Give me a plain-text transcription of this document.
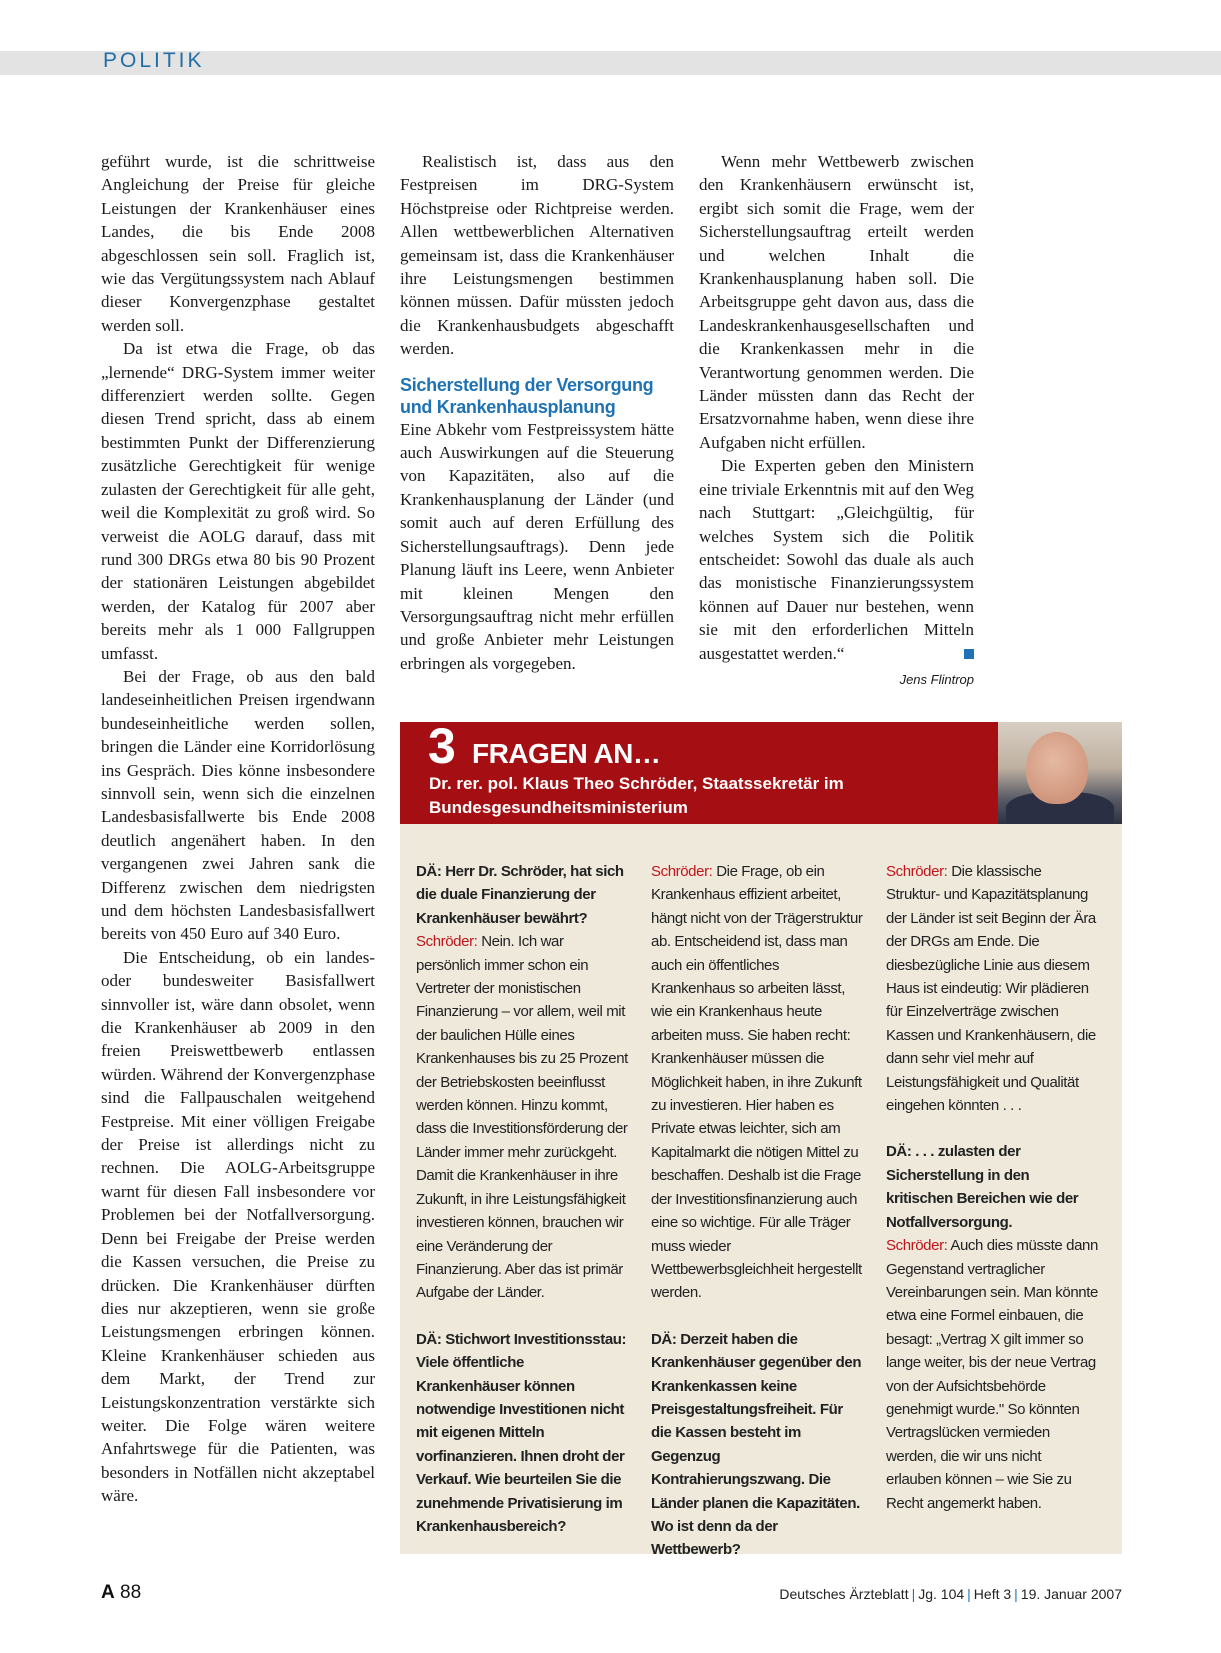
POLITIK

geführt wurde, ist die schrittweise Angleichung der Preise für gleiche Leistungen der Krankenhäuser eines Landes, die bis Ende 2008 abgeschlossen sein soll. Fraglich ist, wie das Vergütungssystem nach Ablauf dieser Konvergenzphase gestaltet werden soll.

Da ist etwa die Frage, ob das „lernende“ DRG-System immer weiter differenziert werden sollte. Gegen diesen Trend spricht, dass ab einem bestimmten Punkt der Differenzierung zusätzliche Gerechtigkeit für wenige zulasten der Gerechtigkeit für alle geht, weil die Komplexität zu groß wird. So verweist die AOLG darauf, dass mit rund 300 DRGs etwa 80 bis 90 Prozent der stationären Leistungen abgebildet werden, der Katalog für 2007 aber bereits mehr als 1 000 Fallgruppen umfasst.

Bei der Frage, ob aus den bald landeseinheitlichen Preisen irgendwann bundeseinheitliche werden sollen, bringen die Länder eine Korridorlösung ins Gespräch. Dies könne insbesondere sinnvoll sein, wenn sich die einzelnen Landesbasisfallwerte bis Ende 2008 deutlich angenähert haben. In den vergangenen zwei Jahren sank die Differenz zwischen dem niedrigsten und dem höchsten Landesbasisfallwert bereits von 450 Euro auf 340 Euro.

Die Entscheidung, ob ein landes- oder bundesweiter Basisfallwert sinnvoller ist, wäre dann obsolet, wenn die Krankenhäuser ab 2009 in den freien Preiswettbewerb entlassen würden. Während der Konvergenzphase sind die Fallpauschalen weitgehend Festpreise. Mit einer völligen Freigabe der Preise ist allerdings nicht zu rechnen. Die AOLG-Arbeitsgruppe warnt für diesen Fall insbesondere vor Problemen bei der Notfallversorgung. Denn bei Freigabe der Preise werden die Kassen versuchen, die Preise zu drücken. Die Krankenhäuser dürften dies nur akzeptieren, wenn sie große Leistungsmengen erbringen können. Kleine Krankenhäuser schieden aus dem Markt, der Trend zur Leistungskonzentration verstärkte sich weiter. Die Folge wären weitere Anfahrtswege für die Patienten, was besonders in Notfällen nicht akzeptabel wäre.

Realistisch ist, dass aus den Festpreisen im DRG-System Höchstpreise oder Richtpreise werden. Allen wettbewerblichen Alternativen gemeinsam ist, dass die Krankenhäuser ihre Leistungsmengen bestimmen können müssen. Dafür müssten jedoch die Krankenhausbudgets abgeschafft werden.

Sicherstellung der Versorgung und Krankenhausplanung

Eine Abkehr vom Festpreissystem hätte auch Auswirkungen auf die Steuerung von Kapazitäten, also auf die Krankenhausplanung der Länder (und somit auch auf deren Erfüllung des Sicherstellungsauftrags). Denn jede Planung läuft ins Leere, wenn Anbieter mit kleinen Mengen den Versorgungsauftrag nicht mehr erfüllen und große Anbieter mehr Leistungen erbringen als vorgegeben.

Wenn mehr Wettbewerb zwischen den Krankenhäusern erwünscht ist, ergibt sich somit die Frage, wem der Sicherstellungsauftrag erteilt werden und welchen Inhalt die Krankenhausplanung haben soll. Die Arbeitsgruppe geht davon aus, dass die Landeskrankenhausgesellschaften und die Krankenkassen mehr in die Verantwortung genommen werden. Die Länder müssten dann das Recht der Ersatzvornahme haben, wenn diese ihre Aufgaben nicht erfüllen.

Die Experten geben den Ministern eine triviale Erkenntnis mit auf den Weg nach Stuttgart: „Gleichgültig, für welches System sich die Politik entscheidet: Sowohl das duale als auch das monistische Finanzierungssystem können auf Dauer nur bestehen, wenn sie mit den erforderlichen Mitteln ausgestattet werden.“

Jens Flintrop
3 FRAGEN AN…
Dr. rer. pol. Klaus Theo Schröder, Staatssekretär im Bundesgesundheitsministerium

DÄ: Herr Dr. Schröder, hat sich die duale Finanzierung der Krankenhäuser bewährt?

Schröder: Nein. Ich war persönlich immer schon ein Vertreter der monistischen Finanzierung – vor allem, weil mit der baulichen Hülle eines Krankenhauses bis zu 25 Prozent der Betriebskosten beeinflusst werden können. Hinzu kommt, dass die Investitionsförderung der Länder immer mehr zurückgeht. Damit die Krankenhäuser in ihre Zukunft, in ihre Leistungsfähigkeit investieren können, brauchen wir eine Veränderung der Finanzierung. Aber das ist primär Aufgabe der Länder.

DÄ: Stichwort Investitionsstau: Viele öffentliche Krankenhäuser können notwendige Investitionen nicht mit eigenen Mitteln vorfinanzieren. Ihnen droht der Verkauf. Wie beurteilen Sie die zunehmende Privatisierung im Krankenhausbereich?

Schröder: Die Frage, ob ein Krankenhaus effizient arbeitet, hängt nicht von der Trägerstruktur ab. Entscheidend ist, dass man auch ein öffentliches Krankenhaus so arbeiten lässt, wie ein Krankenhaus heute arbeiten muss. Sie haben recht: Krankenhäuser müssen die Möglichkeit haben, in ihre Zukunft zu investieren. Hier haben es Private etwas leichter, sich am Kapitalmarkt die nötigen Mittel zu beschaffen. Deshalb ist die Frage der Investitionsfinanzierung auch eine so wichtige. Für alle Träger muss wieder Wettbewerbsgleichheit hergestellt werden.

DÄ: Derzeit haben die Krankenhäuser gegenüber den Krankenkassen keine Preisgestaltungsfreiheit. Für die Kassen besteht im Gegenzug Kontrahierungszwang. Die Länder planen die Kapazitäten. Wo ist denn da der Wettbewerb?

Schröder: Die klassische Struktur- und Kapazitätsplanung der Länder ist seit Beginn der Ära der DRGs am Ende. Die diesbezügliche Linie aus diesem Haus ist eindeutig: Wir plädieren für Einzelverträge zwischen Kassen und Krankenhäusern, die dann sehr viel mehr auf Leistungsfähigkeit und Qualität eingehen könnten . . .

DÄ: . . . zulasten der Sicherstellung in den kritischen Bereichen wie der Notfallversorgung.

Schröder: Auch dies müsste dann Gegenstand vertraglicher Vereinbarungen sein. Man könnte etwa eine Formel einbauen, die besagt: „Vertrag X gilt immer so lange weiter, bis der neue Vertrag von der Aufsichtsbehörde genehmigt wurde." So könnten Vertragslücken vermieden werden, die wir uns nicht erlauben können – wie Sie zu Recht angemerkt haben.

A 88	Deutsches Ärzteblatt | Jg. 104 | Heft 3 | 19. Januar 2007
